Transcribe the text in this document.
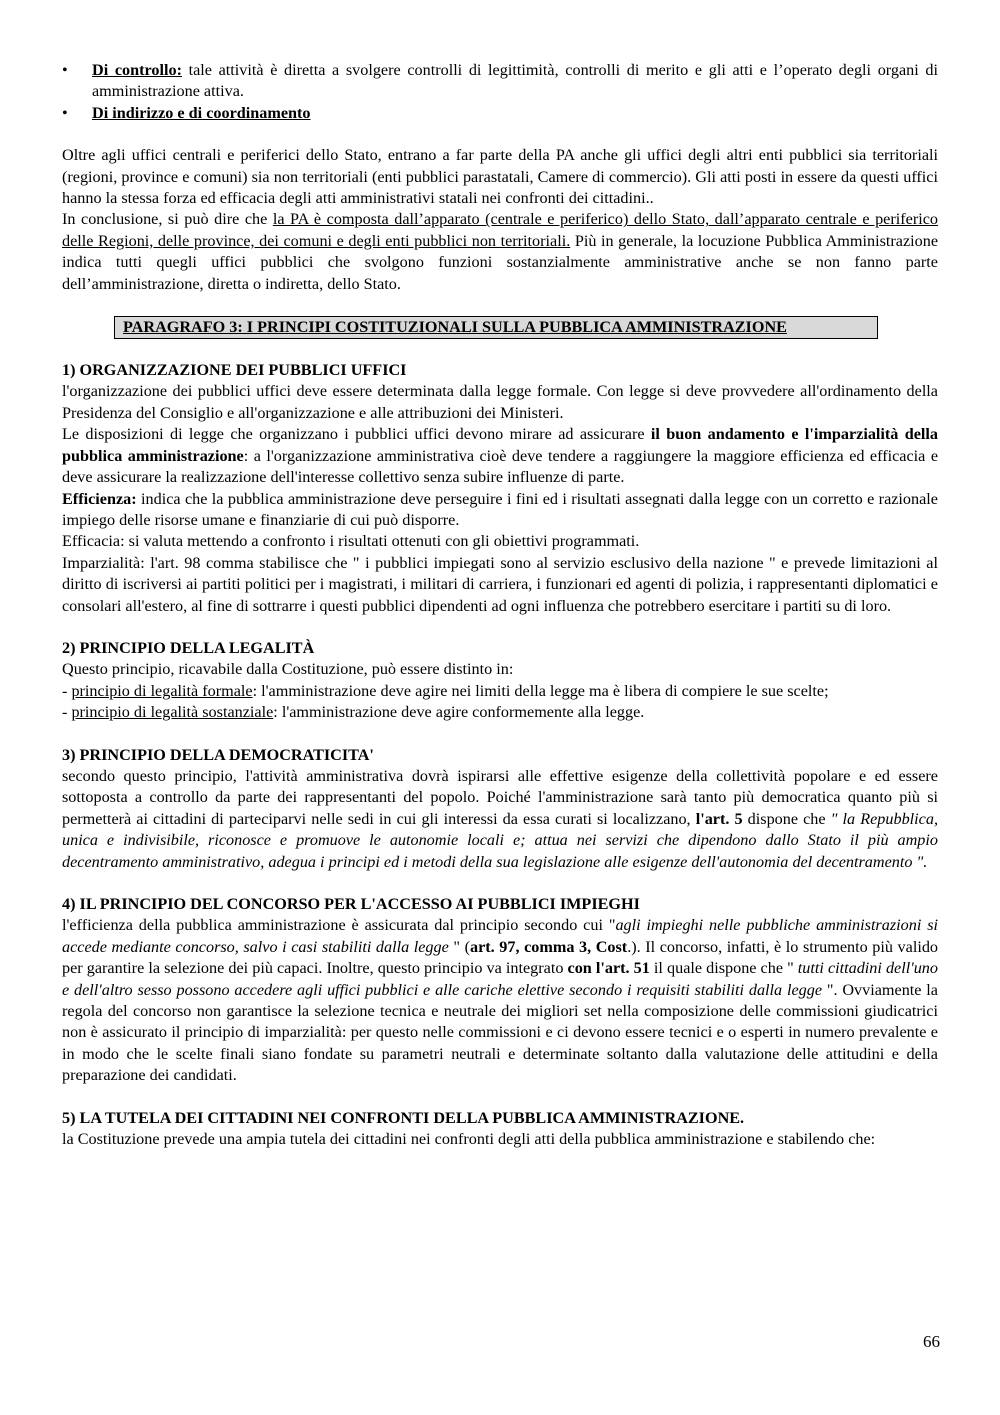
• Di controllo: tale attività è diretta a svolgere controlli di legittimità, controlli di merito e gli atti e l’operato degli organi di amministrazione attiva.
• Di indirizzo e di coordinamento

Oltre agli uffici centrali e periferici dello Stato, entrano a far parte della PA anche gli uffici degli altri enti pubblici sia territoriali (regioni, province e comuni) sia non territoriali (enti pubblici parastatali, Camere di commercio). Gli atti posti in essere da questi uffici hanno la stessa forza ed efficacia degli atti amministrativi statali nei confronti dei cittadini..

In conclusione, si può dire che la PA è composta dall’apparato (centrale e periferico) dello Stato, dall’apparato centrale e periferico delle Regioni, delle province, dei comuni e degli enti pubblici non territoriali. Più in generale, la locuzione Pubblica Amministrazione indica tutti quegli uffici pubblici che svolgono funzioni sostanzialmente amministrative anche se non fanno parte dell’amministrazione, diretta o indiretta, dello Stato.

PARAGRAFO 3: I PRINCIPI COSTITUZIONALI SULLA PUBBLICA AMMINISTRAZIONE

1) ORGANIZZAZIONE DEI PUBBLICI UFFICI

l'organizzazione dei pubblici uffici deve essere determinata dalla legge formale. Con legge si deve provvedere all'ordinamento della Presidenza del Consiglio e all'organizzazione e alle attribuzioni dei Ministeri.

Le disposizioni di legge che organizzano i pubblici uffici devono mirare ad assicurare il buon andamento e l'imparzialità della pubblica amministrazione: a l'organizzazione amministrativa cioè deve tendere a raggiungere la maggiore efficienza ed efficacia e deve assicurare la realizzazione dell'interesse collettivo senza subire influenze di parte.

Efficienza: indica che la pubblica amministrazione deve perseguire i fini ed i risultati assegnati dalla legge con un corretto e razionale impiego delle risorse umane e finanziarie di cui può disporre.

Efficacia: si valuta mettendo a confronto i risultati ottenuti con gli obiettivi programmati.

Imparzialità: l'art. 98 comma stabilisce che " i pubblici impiegati sono al servizio esclusivo della nazione " e prevede limitazioni al diritto di iscriversi ai partiti politici per i magistrati, i militari di carriera, i funzionari ed agenti di polizia, i rappresentanti diplomatici e consolari all'estero, al fine di sottrarre i questi pubblici dipendenti ad ogni influenza che potrebbero esercitare i partiti su di loro.

2) PRINCIPIO DELLA LEGALITÀ

Questo principio, ricavabile dalla Costituzione, può essere distinto in:

- principio di legalità formale: l'amministrazione deve agire nei limiti della legge ma è libera di compiere le sue scelte;

- principio di legalità sostanziale: l'amministrazione deve agire conformemente alla legge.

3) PRINCIPIO DELLA DEMOCRATICITA'

secondo questo principio, l'attività amministrativa dovrà ispirarsi alle effettive esigenze della collettività popolare e ed essere sottoposta a controllo da parte dei rappresentanti del popolo. Poiché l'amministrazione sarà tanto più democratica quanto più si permetterà ai cittadini di parteciparvi nelle sedi in cui gli interessi da essa curati si localizzano, l'art. 5 dispone che " la Repubblica, unica e indivisibile, riconosce e promuove le autonomie locali e; attua nei servizi che dipendono dallo Stato il più ampio decentramento amministrativo, adegua i principi ed i metodi della sua legislazione alle esigenze dell'autonomia del decentramento ".

4) IL PRINCIPIO DEL CONCORSO PER L'ACCESSO AI PUBBLICI IMPIEGHI

l'efficienza della pubblica amministrazione è assicurata dal principio secondo cui "agli impieghi nelle pubbliche amministrazioni si accede mediante concorso, salvo i casi stabiliti dalla legge " (art. 97, comma 3, Cost.). Il concorso, infatti, è lo strumento più valido per garantire la selezione dei più capaci. Inoltre, questo principio va integrato con l'art. 51 il quale dispone che " tutti cittadini dell'uno e dell'altro sesso possono accedere agli uffici pubblici e alle cariche elettive secondo i requisiti stabiliti dalla legge ". Ovviamente la regola del concorso non garantisce la selezione tecnica e neutrale dei migliori set nella composizione delle commissioni giudicatrici non è assicurato il principio di imparzialità: per questo nelle commissioni e ci devono essere tecnici e o esperti in numero prevalente e in modo che le scelte finali siano fondate su parametri neutrali e determinate soltanto dalla valutazione delle attitudini e della preparazione dei candidati.

5) LA TUTELA DEI CITTADINI NEI CONFRONTI DELLA PUBBLICA AMMINISTRAZIONE.

la Costituzione prevede una ampia tutela dei cittadini nei confronti degli atti della pubblica amministrazione e stabilendo che:

66
